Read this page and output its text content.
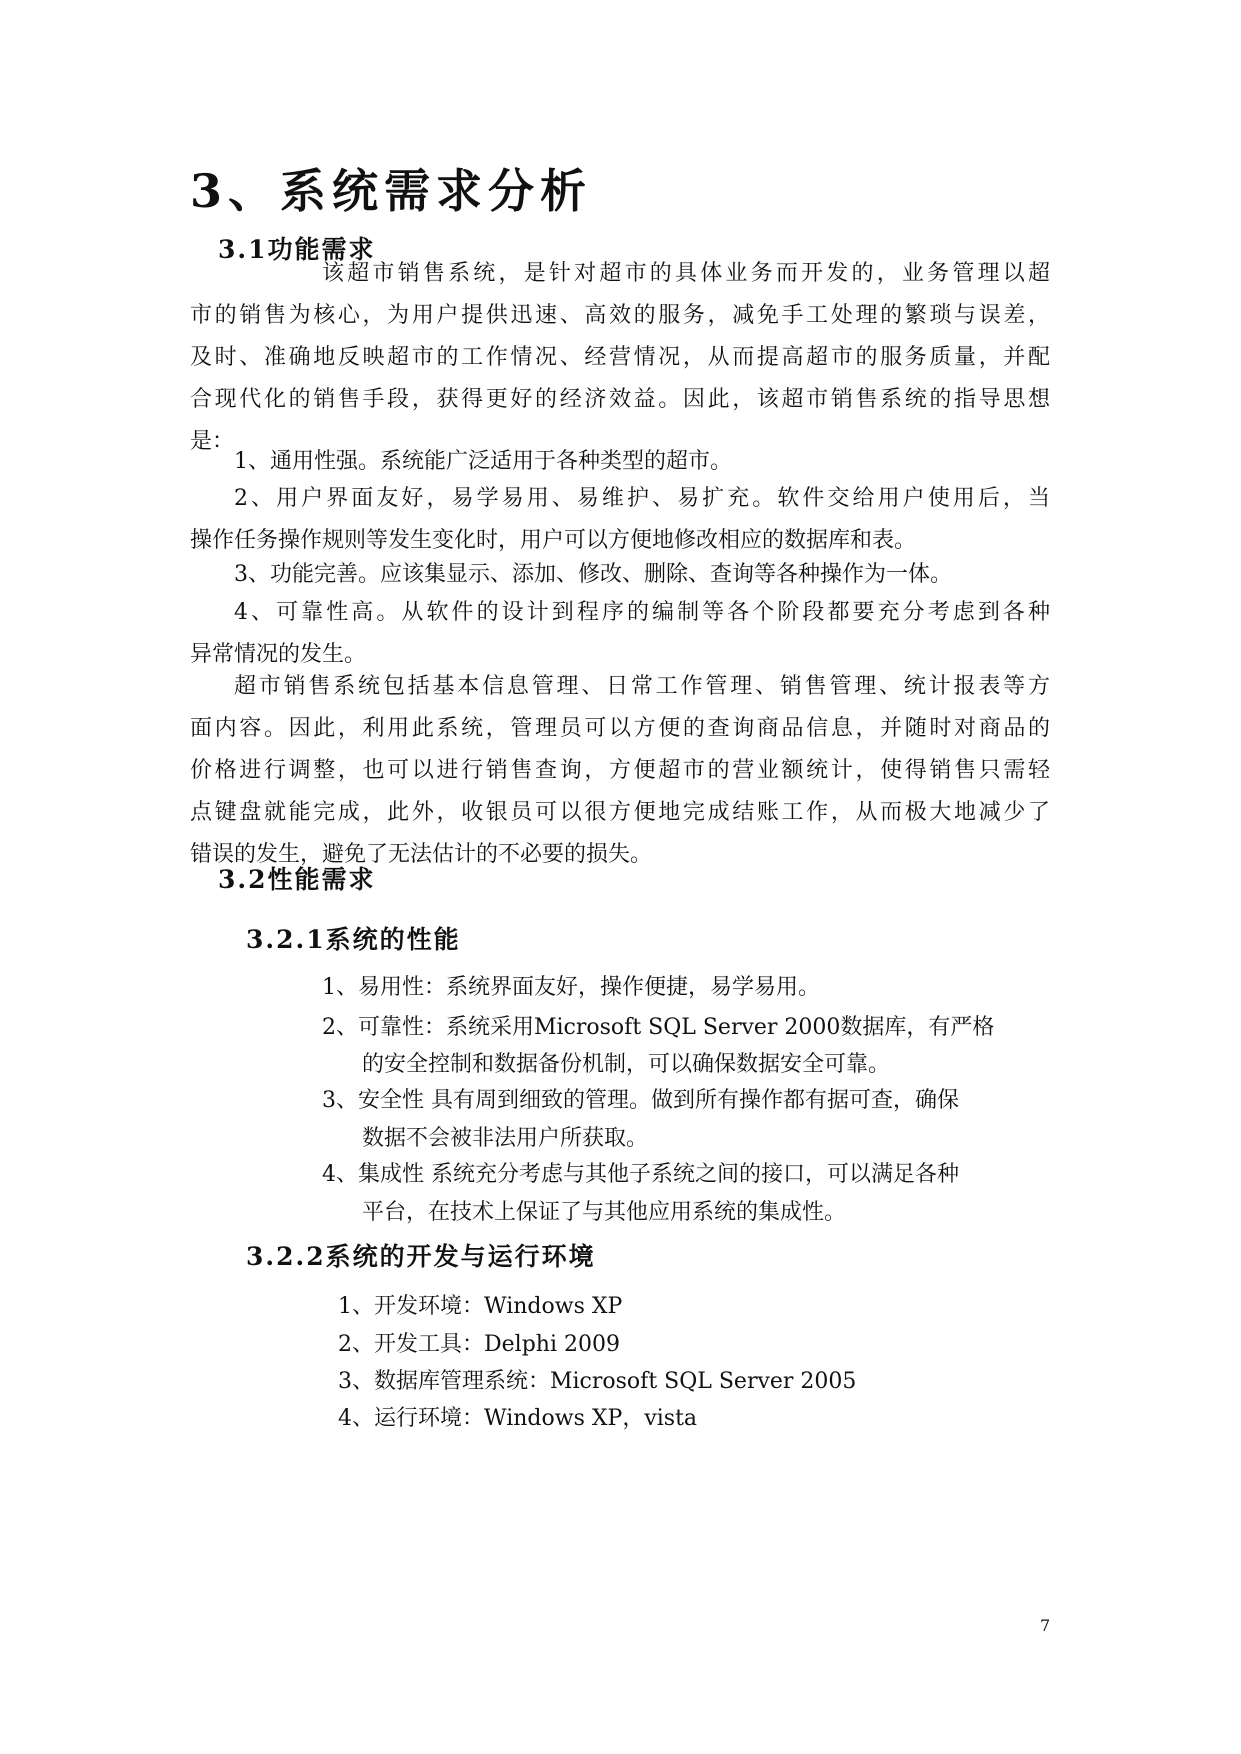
3、系统需求分析
3.1功能需求
该超市销售系统，是针对超市的具体业务而开发的，业务管理以超
市的销售为核心，为用户提供迅速、高效的服务，减免手工处理的繁琐与误差，
及时、准确地反映超市的工作情况、经营情况，从而提高超市的服务质量，并配
合现代化的销售手段，获得更好的经济效益。因此，该超市销售系统的指导思想
是：
1、通用性强。系统能广泛适用于各种类型的超市。
2、用户界面友好，易学易用、易维护、易扩充。软件交给用户使用后，当
操作任务操作规则等发生变化时，用户可以方便地修改相应的数据库和表。
3、功能完善。应该集显示、添加、修改、删除、查询等各种操作为一体。
4、可靠性高。从软件的设计到程序的编制等各个阶段都要充分考虑到各种
异常情况的发生。
超市销售系统包括基本信息管理、日常工作管理、销售管理、统计报表等方
面内容。因此，利用此系统，管理员可以方便的查询商品信息，并随时对商品的
价格进行调整，也可以进行销售查询，方便超市的营业额统计，使得销售只需轻
点键盘就能完成，此外，收银员可以很方便地完成结账工作，从而极大地减少了
错误的发生，避免了无法估计的不必要的损失。
3.2性能需求
3.2.1系统的性能
1、易用性：系统界面友好，操作便捷，易学易用。
2、可靠性：系统采用Microsoft SQL Server 2000数据库，有严格
的安全控制和数据备份机制，可以确保数据安全可靠。
3、安全性 具有周到细致的管理。做到所有操作都有据可查，确保
数据不会被非法用户所获取。
4、集成性 系统充分考虑与其他子系统之间的接口，可以满足各种
平台，在技术上保证了与其他应用系统的集成性。
3.2.2系统的开发与运行环境
1、开发环境：Windows XP
2、开发工具：Delphi 2009
3、数据库管理系统：Microsoft SQL Server 2005
4、运行环境：Windows XP，vista
7
